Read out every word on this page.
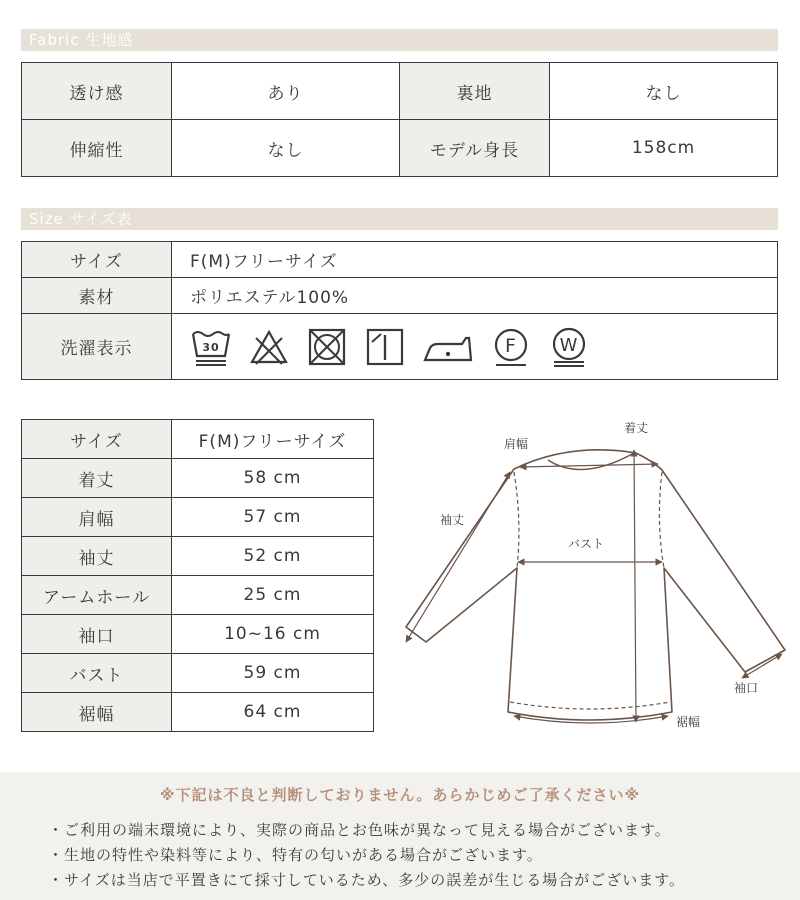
Fabric 生地感
透け感	あり	裏地	なし
伸縮性	なし	モデル身長	158cm
Size サイズ表
サイズ	F(M)フリーサイズ
素材	ポリエステル100%
洗濯表示	30 F W
サイズ	F(M)フリーサイズ
着丈	58 cm
肩幅	57 cm
袖丈	52 cm
アームホール	25 cm
袖口	10~16 cm
バスト	59 cm
裾幅	64 cm
着丈
肩幅
袖丈
バスト
袖口
裾幅
※下記は不良と判断しておりません。あらかじめご了承ください※
・ご利用の端末環境により、実際の商品とお色味が異なって見える場合がございます。
・生地の特性や染料等により、特有の匂いがある場合がございます。
・サイズは当店で平置きにて採寸しているため、多少の誤差が生じる場合がございます。
